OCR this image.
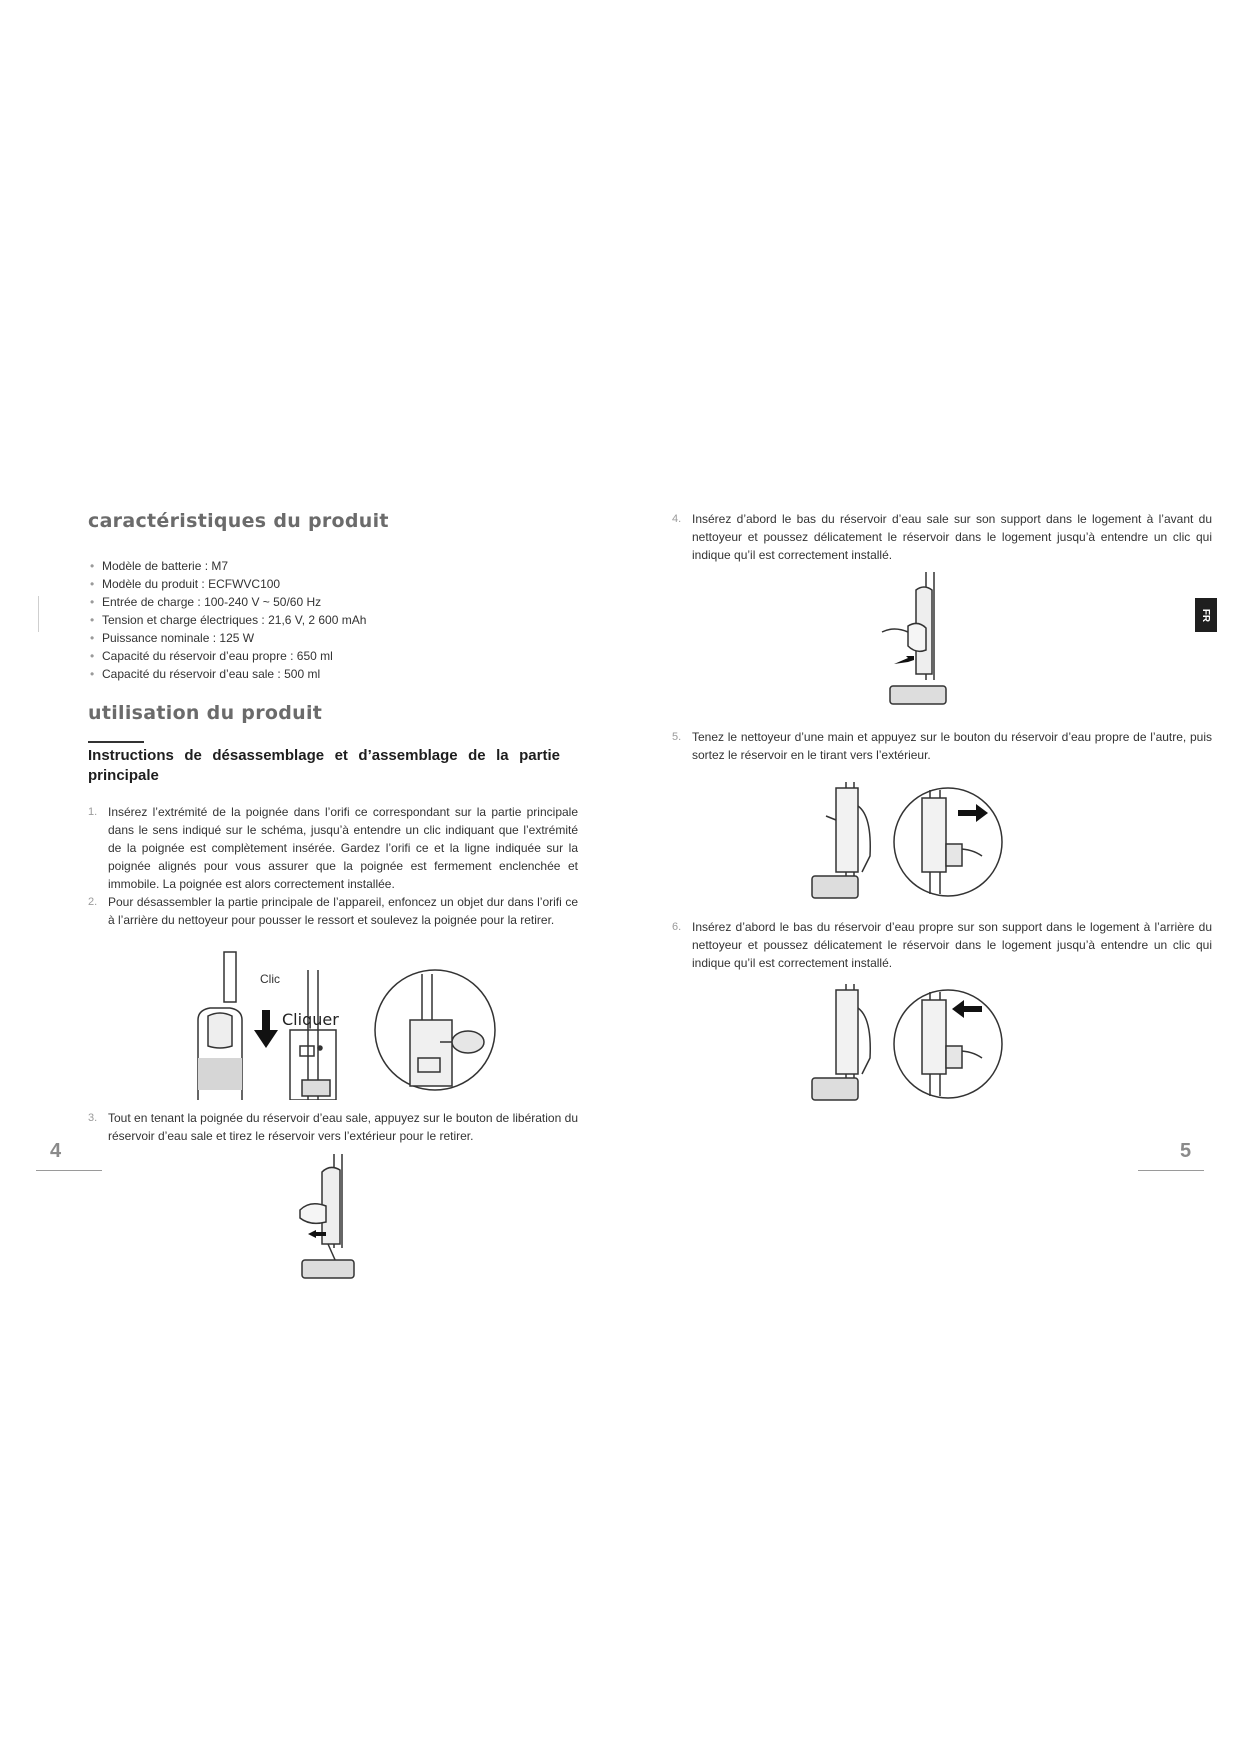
caractéristiques du produit
• Modèle de batterie : M7
• Modèle du produit : ECFWVC100
• Entrée de charge : 100-240 V ~ 50/60 Hz
• Tension et charge électriques : 21,6 V, 2 600 mAh
• Puissance nominale : 125 W
• Capacité du réservoir d’eau propre : 650 ml
• Capacité du réservoir d’eau sale : 500 ml
utilisation du produit
Instructions de désassemblage et d’assemblage de la partie principale
1. Insérez l’extrémité de la poignée dans l’orifi ce correspondant sur la partie principale dans le sens indiqué sur le schéma, jusqu’à entendre un clic indiquant que l’extrémité de la poignée est complètement insérée. Gardez l’orifi ce et la ligne indiquée sur la poignée alignés pour vous assurer que la poignée est fermement enclenchée et immobile. La poignée est alors correctement installée.
2. Pour désassembler la partie principale de l’appareil, enfoncez un objet dur dans l’orifi ce à l’arrière du nettoyeur pour pousser le ressort et soulevez la poignée pour la retirer.
Clic
Cliquer
3. Tout en tenant la poignée du réservoir d’eau sale, appuyez sur le bouton de libération du réservoir d’eau sale et tirez le réservoir vers l’extérieur pour le retirer.
4
4. Insérez d’abord le bas du réservoir d’eau sale sur son support dans le logement à l’avant du nettoyeur et poussez délicatement le réservoir dans le logement jusqu’à entendre un clic qui indique qu’il est correctement installé.
5. Tenez le nettoyeur d’une main et appuyez sur le bouton du réservoir d’eau propre de l’autre, puis sortez le réservoir en le tirant vers l’extérieur.
6. Insérez d’abord le bas du réservoir d’eau propre sur son support dans le logement à l’arrière du nettoyeur et poussez délicatement le réservoir dans le logement jusqu’à entendre un clic qui indique qu’il est correctement installé.
FR
5
